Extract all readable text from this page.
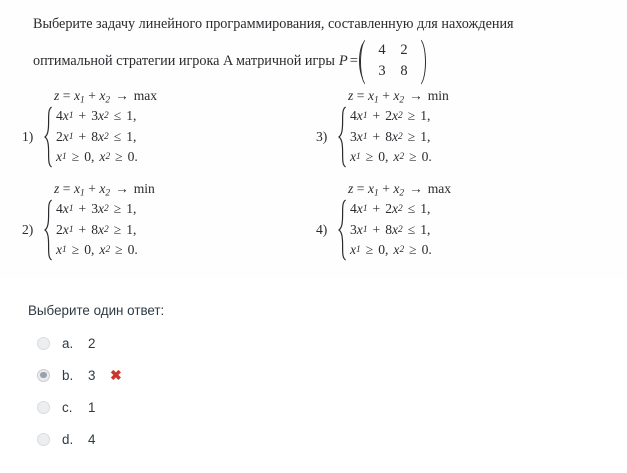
Выберите задачу линейного программирования, составленную для нахождения
оптимальной стратегии игрока A матричной игры P =
4	2
3	8
$z = x_1 + x_2 \to \max$
1)
4 x 1 + 3 x 2 ≤ 1,
2 x 1 + 8 x 2 ≤ 1,
x 1 ≥ 0, x 2 ≥ 0.
$z = x_1 + x_2 \to \min$
3)
4 x 1 + 2 x 2 ≥ 1,
3 x 1 + 8 x 2 ≥ 1,
x 1 ≥ 0, x 2 ≥ 0.
$z = x_1 + x_2 \to \min$
2)
4 x 1 + 3 x 2 ≥ 1,
2 x 1 + 8 x 2 ≥ 1,
x 1 ≥ 0, x 2 ≥ 0.
$z = x_1 + x_2 \to \max$
4)
4 x 1 + 2 x 2 ≤ 1,
3 x 1 + 8 x 2 ≤ 1,
x 1 ≥ 0, x 2 ≥ 0.
Выберите один ответ:
a.	2
b.	3	✖
c.	1
d.	4
